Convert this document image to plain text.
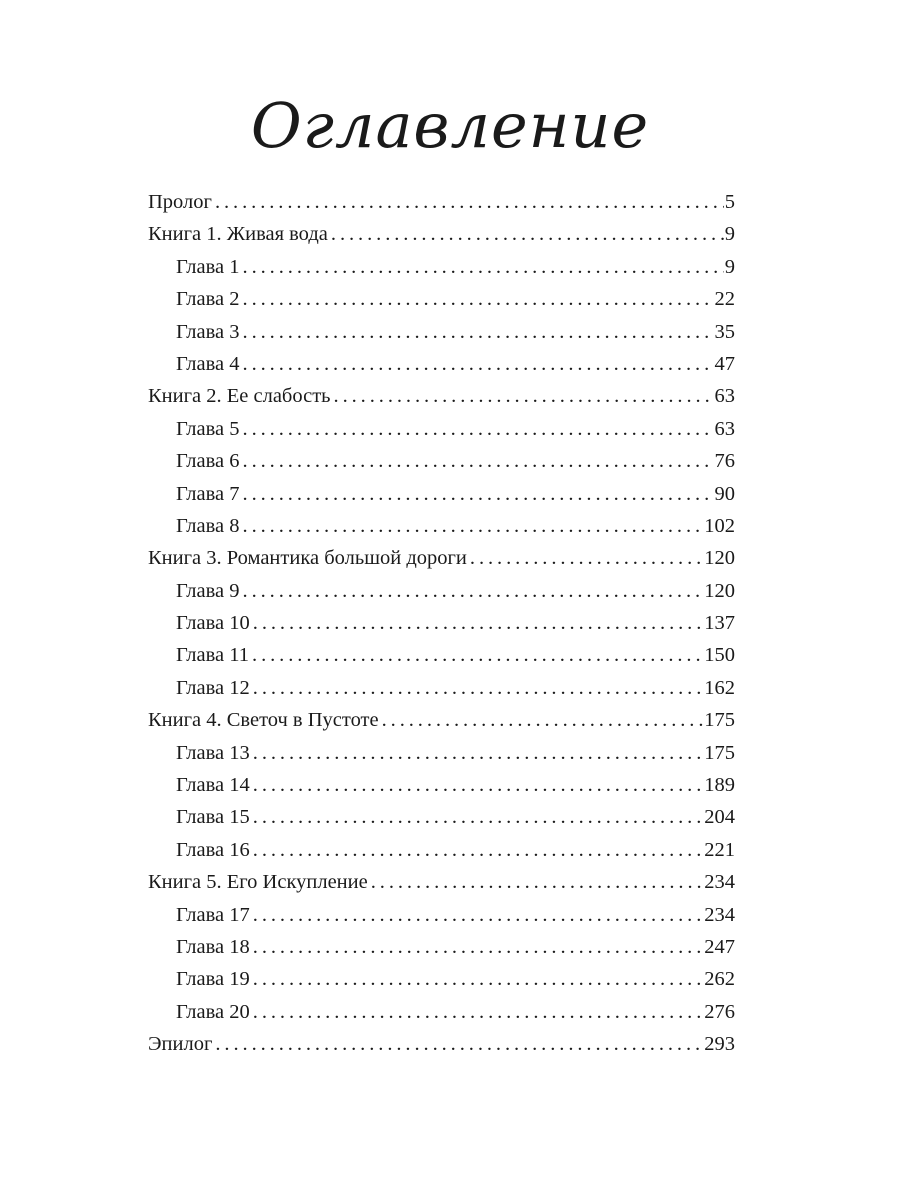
Оглавление
Пролог . . .	5
Книга 1. Живая вода . . .	9
Глава 1 . . .	9
Глава 2 . . .	22
Глава 3 . . .	35
Глава 4 . . .	47
Книга 2. Ее слабость . . .	63
Глава 5 . . .	63
Глава 6 . . .	76
Глава 7 . . .	90
Глава 8 . . .	102
Книга 3. Романтика большой дороги . . .	120
Глава 9 . . .	120
Глава 10 . . .	137
Глава 11 . . .	150
Глава 12 . . .	162
Книга 4. Светоч в Пустоте . . .	175
Глава 13 . . .	175
Глава 14 . . .	189
Глава 15 . . .	204
Глава 16 . . .	221
Книга 5. Его Искупление . . .	234
Глава 17 . . .	234
Глава 18 . . .	247
Глава 19 . . .	262
Глава 20 . . .	276
Эпилог . . .	293
